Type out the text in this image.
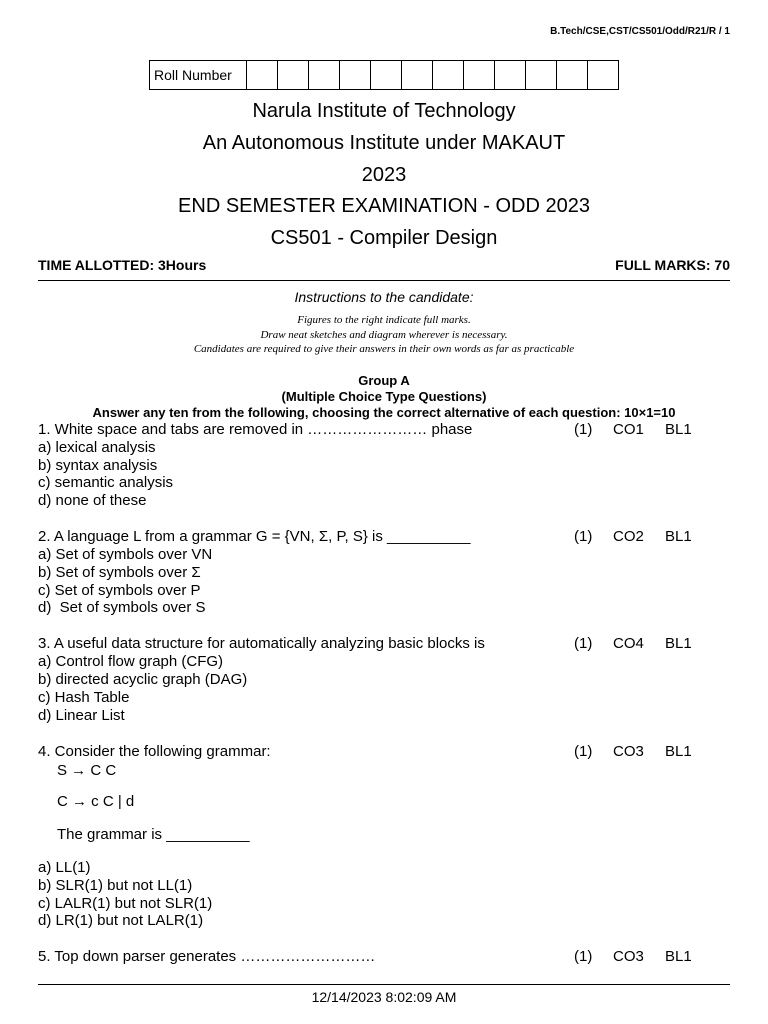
B.Tech/CSE,CST/CS501/Odd/R21/R / 1
Roll Number												
Narula Institute of Technology
An Autonomous Institute under MAKAUT
2023
END SEMESTER EXAMINATION - ODD 2023
CS501 - Compiler Design
TIME ALLOTTED: 3Hours	FULL MARKS: 70
Instructions to the candidate:
Figures to the right indicate full marks.
Draw neat sketches and diagram wherever is necessary.
Candidates are required to give their answers in their own words as far as practicable
Group A
(Multiple Choice Type Questions)
Answer any ten from the following, choosing the correct alternative of each question: 10×1=10
1. White space and tabs are removed in …………………… phase	(1) CO1 BL1
a) lexical analysis
b) syntax analysis
c) semantic analysis
d) none of these
2. A language L from a grammar G = {VN, Σ, P, S} is __________	(1) CO2 BL1
a) Set of symbols over VN
b) Set of symbols over Σ
c) Set of symbols over P
d)  Set of symbols over S
3. A useful data structure for automatically analyzing basic blocks is	(1) CO4 BL1
a) Control flow graph (CFG)
b) directed acyclic graph (DAG)
c) Hash Table
d) Linear List
4. Consider the following grammar:	(1) CO3 BL1
S → C C
C → c C | d
The grammar is __________
a) LL(1)
b) SLR(1) but not LL(1)
c) LALR(1) but not SLR(1)
d) LR(1) but not LALR(1)
5. Top down parser generates ………………………	(1) CO3 BL1
12/14/2023 8:02:09 AM
